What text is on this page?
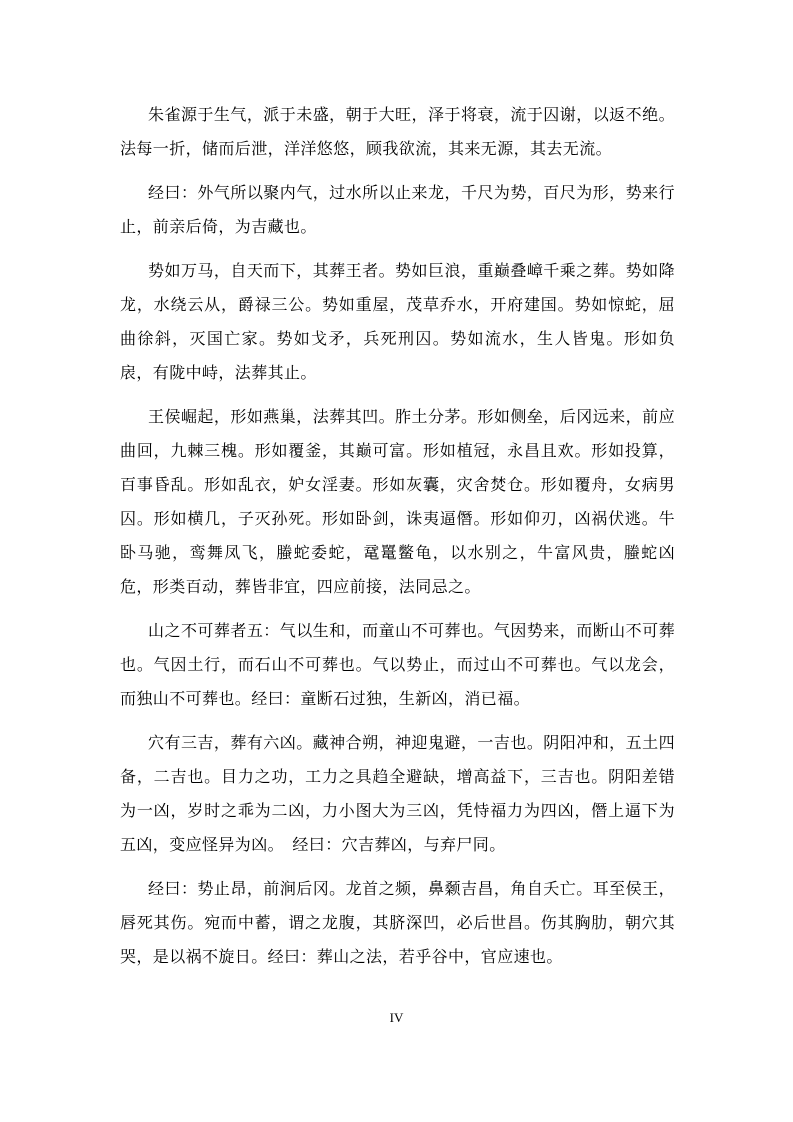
朱雀源于生气，派于未盛，朝于大旺，泽于将衰，流于囚谢，以返不绝。法每一折，储而后泄，洋洋悠悠，顾我欲流，其来无源，其去无流。

经曰：外气所以聚内气，过水所以止来龙，千尺为势，百尺为形，势来行止，前亲后倚，为吉藏也。

势如万马，自天而下，其葬王者。势如巨浪，重巅叠嶂千乘之葬。势如降龙，水绕云从，爵禄三公。势如重屋，茂草乔水，开府建国。势如惊蛇，屈曲徐斜，灭国亡家。势如戈矛，兵死刑囚。势如流水，生人皆鬼。形如负扆，有陇中峙，法葬其止。

王侯崛起，形如燕巢，法葬其凹。胙土分茅。形如侧垒，后冈远来，前应曲回，九棘三槐。形如覆釜，其巅可富。形如植冠，永昌且欢。形如投算，百事昏乱。形如乱衣，妒女淫妻。形如灰囊，灾舍焚仓。形如覆舟，女病男囚。形如横几，子灭孙死。形如卧剑，诛夷逼僭。形如仰刃，凶祸伏逃。牛卧马驰，鸾舞凤飞，螣蛇委蛇，鼋鼍鳖龟，以水别之，牛富风贵，螣蛇凶危，形类百动，葬皆非宜，四应前接，法同忌之。

山之不可葬者五：气以生和，而童山不可葬也。气因势来，而断山不可葬也。气因土行，而石山不可葬也。气以势止，而过山不可葬也。气以龙会，而独山不可葬也。经曰：童断石过独，生新凶，消已福。

穴有三吉，葬有六凶。藏神合朔，神迎鬼避，一吉也。阴阳冲和，五土四备，二吉也。目力之功，工力之具趋全避缺，增高益下，三吉也。阴阳差错为一凶，岁时之乖为二凶，力小图大为三凶，凭恃福力为四凶，僭上逼下为　五凶，变应怪异为凶。　经曰：穴吉葬凶，与弃尸同。

经曰：势止昂，前涧后冈。龙首之频，鼻颡吉昌，角自夭亡。耳至侯王，唇死其伤。宛而中蓄，谓之龙腹，其脐深凹，必后世昌。伤其胸肋，朝穴其哭，是以祸不旋日。经曰：葬山之法，若乎谷中，官应速也。

IV
